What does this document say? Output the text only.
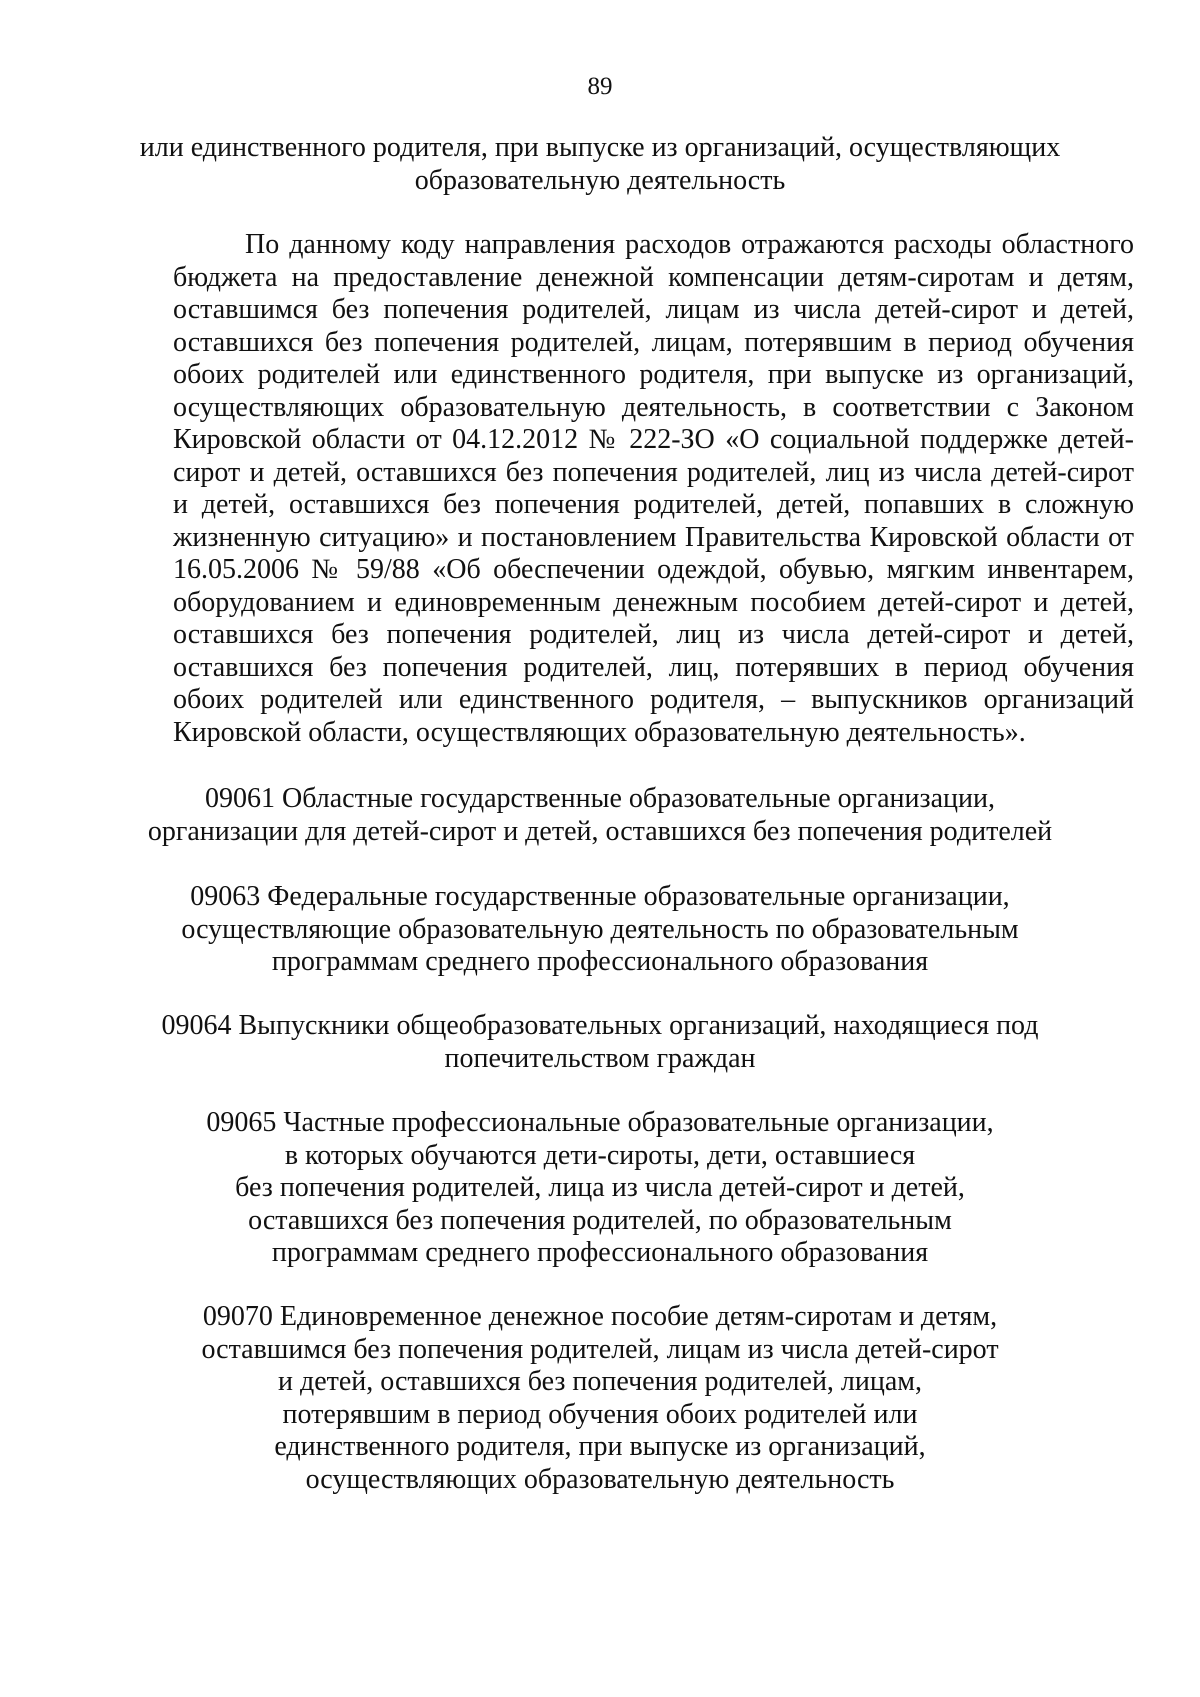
89
или единственного родителя, при выпуске из организаций, осуществляющих
образовательную деятельность
По данному коду направления расходов отражаются расходы областного
бюджета на предоставление денежной компенсации детям-сиротам и детям,
оставшимся без попечения родителей, лицам из числа детей-сирот и детей,
оставшихся без попечения родителей, лицам, потерявшим в период обучения
обоих родителей или единственного родителя, при выпуске из организаций,
осуществляющих образовательную деятельность, в соответствии с Законом
Кировской области от 04.12.2012 № 222-ЗО «О социальной поддержке детей-
сирот и детей, оставшихся без попечения родителей, лиц из числа детей-сирот
и детей, оставшихся без попечения родителей, детей, попавших в сложную
жизненную ситуацию» и постановлением Правительства Кировской области от
16.05.2006 № 59/88 «Об обеспечении одеждой, обувью, мягким инвентарем,
оборудованием и единовременным денежным пособием детей-сирот и детей,
оставшихся без попечения родителей, лиц из числа детей-сирот и детей,
оставшихся без попечения родителей, лиц, потерявших в период обучения
обоих родителей или единственного родителя, – выпускников организаций
Кировской области, осуществляющих образовательную деятельность».
09061 Областные государственные образовательные организации,
организации для детей-сирот и детей, оставшихся без попечения родителей
09063 Федеральные государственные образовательные организации,
осуществляющие образовательную деятельность по образовательным
программам среднего профессионального образования
09064 Выпускники общеобразовательных организаций, находящиеся под
попечительством граждан
09065 Частные профессиональные образовательные организации,
в которых обучаются дети-сироты, дети, оставшиеся
без попечения родителей, лица из числа детей-сирот и детей,
оставшихся без попечения родителей, по образовательным
программам среднего профессионального образования
09070 Единовременное денежное пособие детям-сиротам и детям,
оставшимся без попечения родителей, лицам из числа детей-сирот
и детей, оставшихся без попечения родителей, лицам,
потерявшим в период обучения обоих родителей или
единственного родителя, при выпуске из организаций,
осуществляющих образовательную деятельность
